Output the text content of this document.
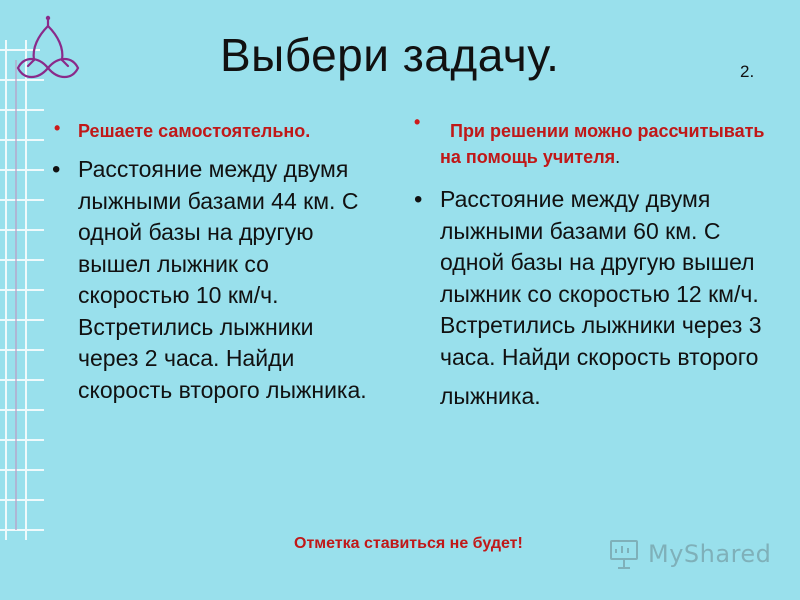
Выбери задачу.	2.
• Решаете самостоятельно.
• Расстояние между двумя лыжными базами 44 км. С одной базы на другую вышел лыжник со скоростью 10 км/ч. Встретились лыжники через 2 часа. Найди скорость второго лыжника.
• При решении можно рассчитывать на помощь учителя.
• Расстояние между двумя лыжными базами 60 км. С одной базы на другую вышел лыжник со скоростью 12 км/ч. Встретились лыжники через 3 часа. Найди скорость второго
лыжника.
Отметка ставиться не будет!	MyShared
